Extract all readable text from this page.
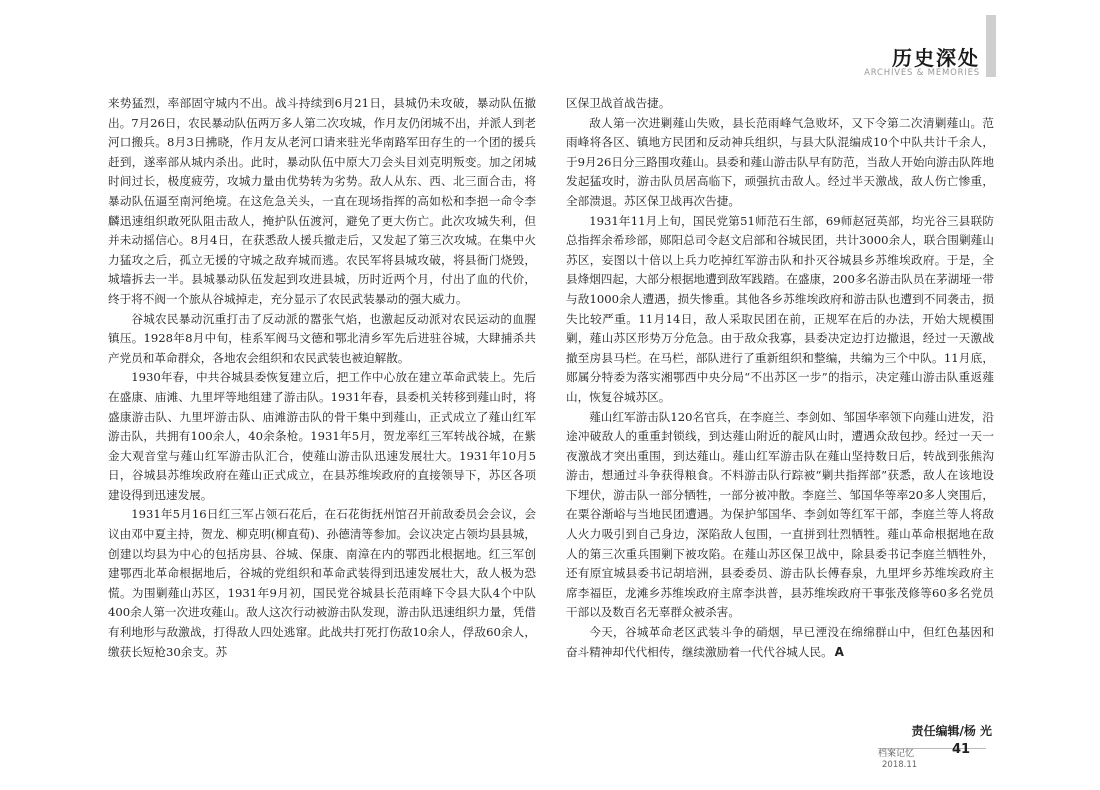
历史深处
ARCHIVES & MEMORIES

来势猛烈，率部固守城内不出。战斗持续到6月21日，县城仍未攻破，暴动队伍撤出。7月26日，农民暴动队伍两万多人第二次攻城，作月友仍闭城不出，并派人到老河口搬兵。8月3日拂晓，作月友从老河口请来驻光华南路军田存生的一个团的援兵赶到，遂率部从城内杀出。此时，暴动队伍中原大刀会头目刘克明叛变。加之闭城时间过长，极度疲劳，攻城力量由优势转为劣势。敌人从东、西、北三面合击，将暴动队伍逼至南河绝境。在这危急关头，一直在现场指挥的高如松和李挹一命令李麟迅速组织敢死队阻击敌人，掩护队伍渡河，避免了更大伤亡。此次攻城失利，但并未动摇信心。8月4日，在获悉敌人援兵撤走后，又发起了第三次攻城。在集中火力猛攻之后，孤立无援的守城之敌弃城而逃。农民军将县城攻破，将县衙门烧毁，城墙拆去一半。县城暴动队伍发起到攻进县城，历时近两个月，付出了血的代价，终于将不阀一个旅从谷城掉走，充分显示了农民武装暴动的强大威力。

谷城农民暴动沉重打击了反动派的嚣张气焰，也激起反动派对农民运动的血腥镇压。1928年8月中旬，桂系军阀马文德和鄂北清乡军先后进驻谷城，大肆捕杀共产党员和革命群众，各地农会组织和农民武装也被迫解散。

1930年春，中共谷城县委恢复建立后，把工作中心放在建立革命武装上。先后在盛康、庙滩、九里坪等地组建了游击队。1931年春，县委机关转移到薤山时，将盛康游击队、九里坪游击队、庙滩游击队的骨干集中到薤山，正式成立了薤山红军游击队，共拥有100余人，40余条枪。1931年5月，贺龙率红三军转战谷城，在紫金大观音堂与薤山红军游击队汇合，使薤山游击队迅速发展壮大。1931年10月5日，谷城县苏维埃政府在薤山正式成立，在县苏维埃政府的直接领导下，苏区各项建设得到迅速发展。

1931年5月16日红三军占领石花后，在石花街抚州馆召开前敌委员会会议，会议由邓中夏主持，贺龙、柳克明(柳直荀)、孙德清等参加。会议决定占领均县县城，创建以均县为中心的包括房县、谷城、保康、南漳在内的鄂西北根据地。红三军创建鄂西北革命根据地后，谷城的党组织和革命武装得到迅速发展壮大，敌人极为恐慌。为围剿薤山苏区，1931年9月初，国民党谷城县长范雨峰下令县大队4个中队400余人第一次进攻薤山。敌人这次行动被游击队发现，游击队迅速组织力量，凭借有利地形与敌激战，打得敌人四处逃窜。此战共打死打伤敌10余人，俘敌60余人，缴获长短枪30余支。苏

区保卫战首战告捷。

敌人第一次进剿薤山失败，县长范雨峰气急败坏，又下令第二次清剿薤山。范雨峰将各区、镇地方民团和反动神兵组织，与县大队混编成10个中队共计千余人，于9月26日分三路围攻薤山。县委和薤山游击队早有防范，当敌人开始向游击队阵地发起猛攻时，游击队员居高临下，顽强抗击敌人。经过半天激战，敌人伤亡惨重，全部溃退。苏区保卫战再次告捷。

1931年11月上旬，国民党第51师范石生部，69师赵冠英部，均光谷三县联防总指挥余希珍部，郧阳总司令赵文启部和谷城民团，共计3000余人，联合围剿薤山苏区，妄图以十倍以上兵力吃掉红军游击队和扑灭谷城县乡苏维埃政府。于是，全县烽烟四起，大部分根据地遭到敌军践踏。在盛康，200多名游击队员在茅湖垭一带与敌1000余人遭遇，损失惨重。其他各乡苏维埃政府和游击队也遭到不同袭击，损失比较严重。11月14日，敌人采取民团在前，正规军在后的办法，开始大规模围剿，薤山苏区形势万分危急。由于敌众我寡，县委决定边打边撤退，经过一天激战撤至房县马栏。在马栏，部队进行了重新组织和整编，共编为三个中队。11月底，郧属分特委为落实湘鄂西中央分局“不出苏区一步”的指示，决定薤山游击队重返薤山，恢复谷城苏区。

薤山红军游击队120名官兵，在李庭兰、李剑如、邹国华率领下向薤山进发，沿途冲破敌人的重重封锁线，到达薤山附近的靛风山时，遭遇众敌包抄。经过一天一夜激战才突出重围，到达薤山。薤山红军游击队在薤山坚持数日后，转战到张熊沟游击，想通过斗争获得粮食。不料游击队行踪被“剿共指挥部”获悉，敌人在该地设下埋伏，游击队一部分牺牲，一部分被冲散。李庭兰、邹国华等率20多人突围后，在粟谷渐峪与当地民团遭遇。为保护邹国华、李剑如等红军干部，李庭兰等人将敌人火力吸引到自己身边，深陷敌人包围，一直拼到壮烈牺牲。薤山革命根据地在敌人的第三次重兵围剿下被攻陷。在薤山苏区保卫战中，除县委书记李庭兰牺牲外，还有原宜城县委书记胡培洲，县委委员、游击队长傅春泉，九里坪乡苏维埃政府主席李福臣，龙滩乡苏维埃政府主席李洪普，县苏维埃政府干事张茂修等60多名党员干部以及数百名无辜群众被杀害。

今天，谷城革命老区武装斗争的硝烟，早已湮没在绵绵群山中，但红色基因和奋斗精神却代代相传，继续激励着一代代谷城人民。 A

责任编辑/杨 光
档案记忆	41
2018.11
